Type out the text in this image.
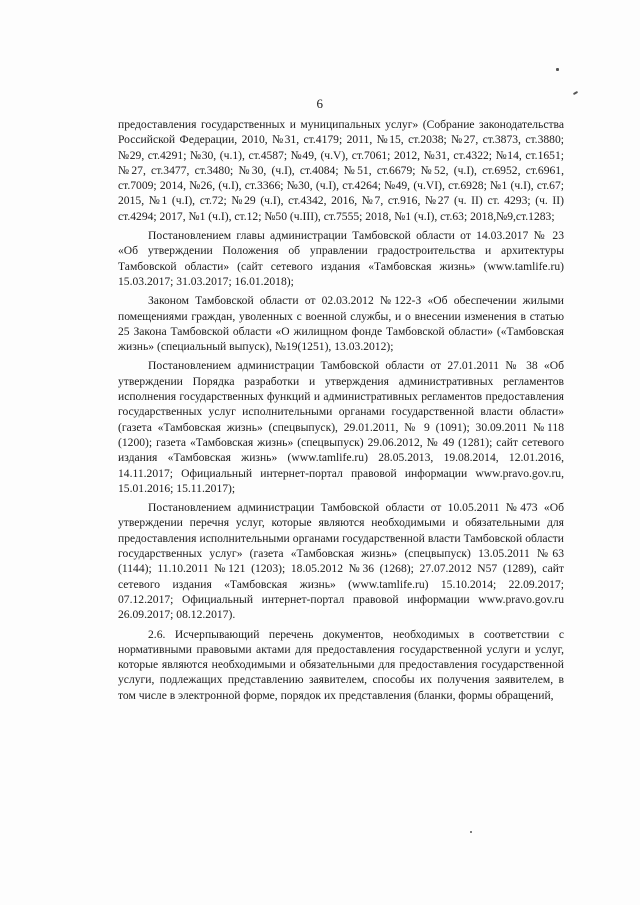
6

предоставления государственных и муниципальных услуг» (Собрание законодательства Российской Федерации, 2010, №31, ст.4179; 2011, №15, ст.2038; №27, ст.3873, ст.3880; №29, ст.4291; №30, (ч.1), ст.4587; №49, (ч.V), ст.7061; 2012, №31, ст.4322; №14, ст.1651; №27, ст.3477, ст.3480; №30, (ч.I), ст.4084; №51, ст.6679; №52, (ч.I), ст.6952, ст.6961, ст.7009; 2014, №26, (ч.I), ст.3366; №30, (ч.I), ст.4264; №49, (ч.VI), ст.6928; №1 (ч.I), ст.67; 2015, №1 (ч.I), ст.72; №29 (ч.I), ст.4342, 2016, №7, ст.916, №27 (ч. II) ст. 4293; (ч. II) ст.4294; 2017, №1 (ч.I), ст.12; №50 (ч.III), ст.7555; 2018, №1 (ч.I), ст.63; 2018,№9,ст.1283;

Постановлением главы администрации Тамбовской области от 14.03.2017 № 23 «Об утверждении Положения об управлении градостроительства и архитектуры Тамбовской области» (сайт сетевого издания «Тамбовская жизнь» (www.tamlife.ru) 15.03.2017; 31.03.2017; 16.01.2018);

Законом Тамбовской области от 02.03.2012 №122-З «Об обеспечении жилыми помещениями граждан, уволенных с военной службы, и о внесении изменения в статью 25 Закона Тамбовской области «О жилищном фонде Тамбовской области» («Тамбовская жизнь» (специальный выпуск), №19(1251), 13.03.2012);

Постановлением администрации Тамбовской области от 27.01.2011 № 38 «Об утверждении Порядка разработки и утверждения административных регламентов исполнения государственных функций и административных регламентов предоставления государственных услуг исполнительными органами государственной власти области» (газета «Тамбовская жизнь» (спецвыпуск), 29.01.2011, № 9 (1091); 30.09.2011 №118 (1200); газета «Тамбовская жизнь» (спецвыпуск) 29.06.2012, № 49 (1281); сайт сетевого издания «Тамбовская жизнь» (www.tamlife.ru) 28.05.2013, 19.08.2014, 12.01.2016, 14.11.2017; Официальный интернет-портал правовой информации www.pravo.gov.ru, 15.01.2016; 15.11.2017);

Постановлением администрации Тамбовской области от 10.05.2011 №473 «Об утверждении перечня услуг, которые являются необходимыми и обязательными для предоставления исполнительными органами государственной власти Тамбовской области государственных услуг» (газета «Тамбовская жизнь» (спецвыпуск) 13.05.2011 №63 (1144); 11.10.2011 №121 (1203); 18.05.2012 №36 (1268); 27.07.2012 N57 (1289), сайт сетевого издания «Тамбовская жизнь» (www.tamlife.ru) 15.10.2014; 22.09.2017; 07.12.2017; Официальный интернет-портал правовой информации www.pravo.gov.ru 26.09.2017; 08.12.2017).

2.6. Исчерпывающий перечень документов, необходимых в соответствии с нормативными правовыми актами для предоставления государственной услуги и услуг, которые являются необходимыми и обязательными для предоставления государственной услуги, подлежащих представлению заявителем, способы их получения заявителем, в том числе в электронной форме, порядок их представления (бланки, формы обращений,
